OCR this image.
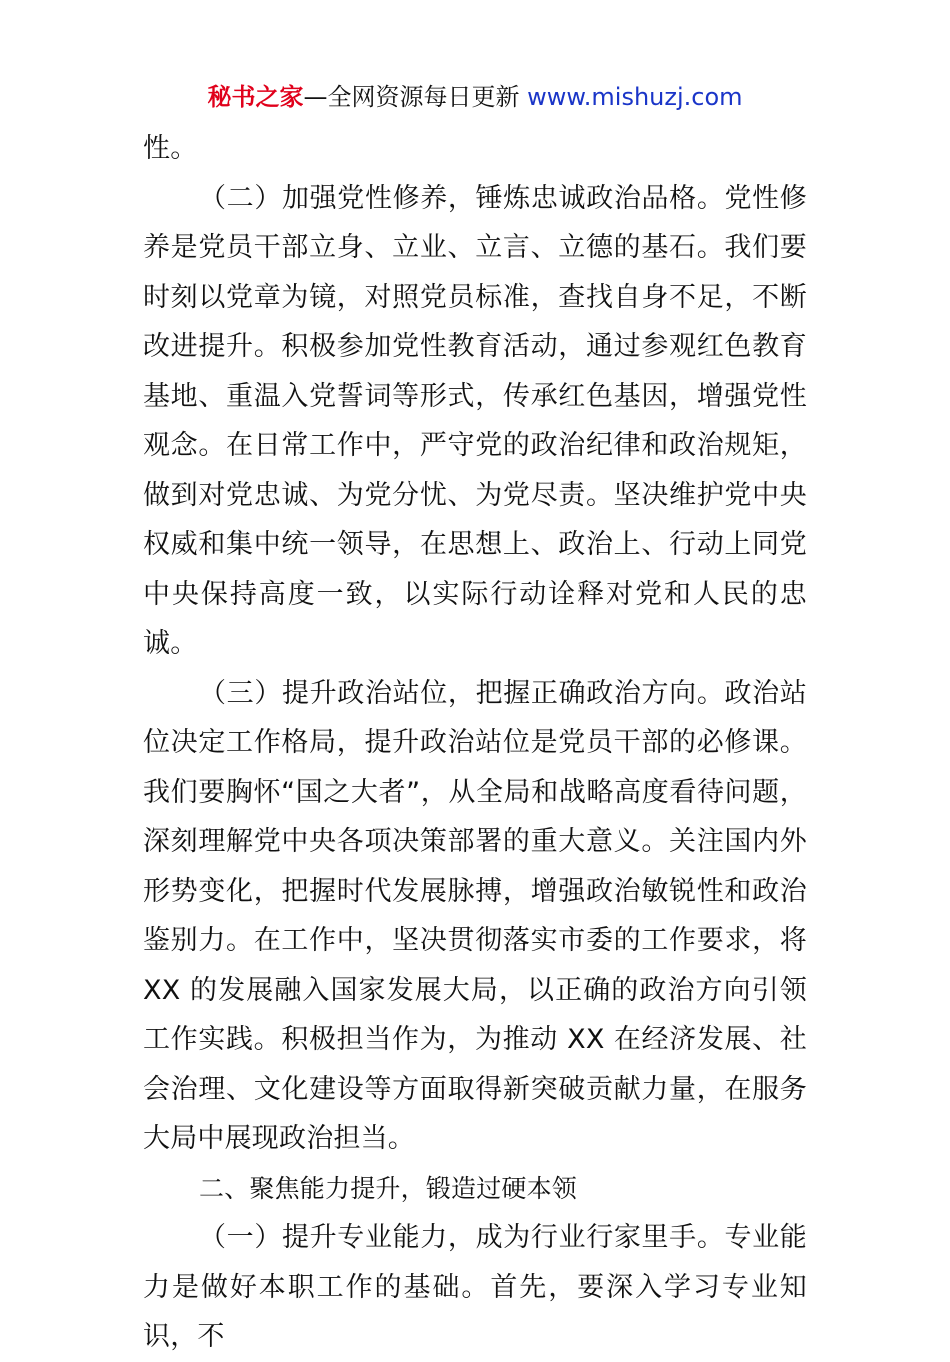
秘书之家—全网资源每日更新 www.mishuzj.com

性。

（二）加强党性修养，锤炼忠诚政治品格。党性修养是党员干部立身、立业、立言、立德的基石。我们要时刻以党章为镜，对照党员标准，查找自身不足，不断改进提升。积极参加党性教育活动，通过参观红色教育基地、重温入党誓词等形式，传承红色基因，增强党性观念。在日常工作中，严守党的政治纪律和政治规矩，做到对党忠诚、为党分忧、为党尽责。坚决维护党中央权威和集中统一领导，在思想上、政治上、行动上同党中央保持高度一致，以实际行动诠释对党和人民的忠诚。

（三）提升政治站位，把握正确政治方向。政治站位决定工作格局，提升政治站位是党员干部的必修课。我们要胸怀“国之大者”，从全局和战略高度看待问题，深刻理解党中央各项决策部署的重大意义。关注国内外形势变化，把握时代发展脉搏，增强政治敏锐性和政治鉴别力。在工作中，坚决贯彻落实市委的工作要求，将 XX 的发展融入国家发展大局，以正确的政治方向引领工作实践。积极担当作为，为推动 XX 在经济发展、社会治理、文化建设等方面取得新突破贡献力量，在服务大局中展现政治担当。

二、聚焦能力提升，锻造过硬本领

（一）提升专业能力，成为行业行家里手。专业能力是做好本职工作的基础。首先，要深入学习专业知识，不
